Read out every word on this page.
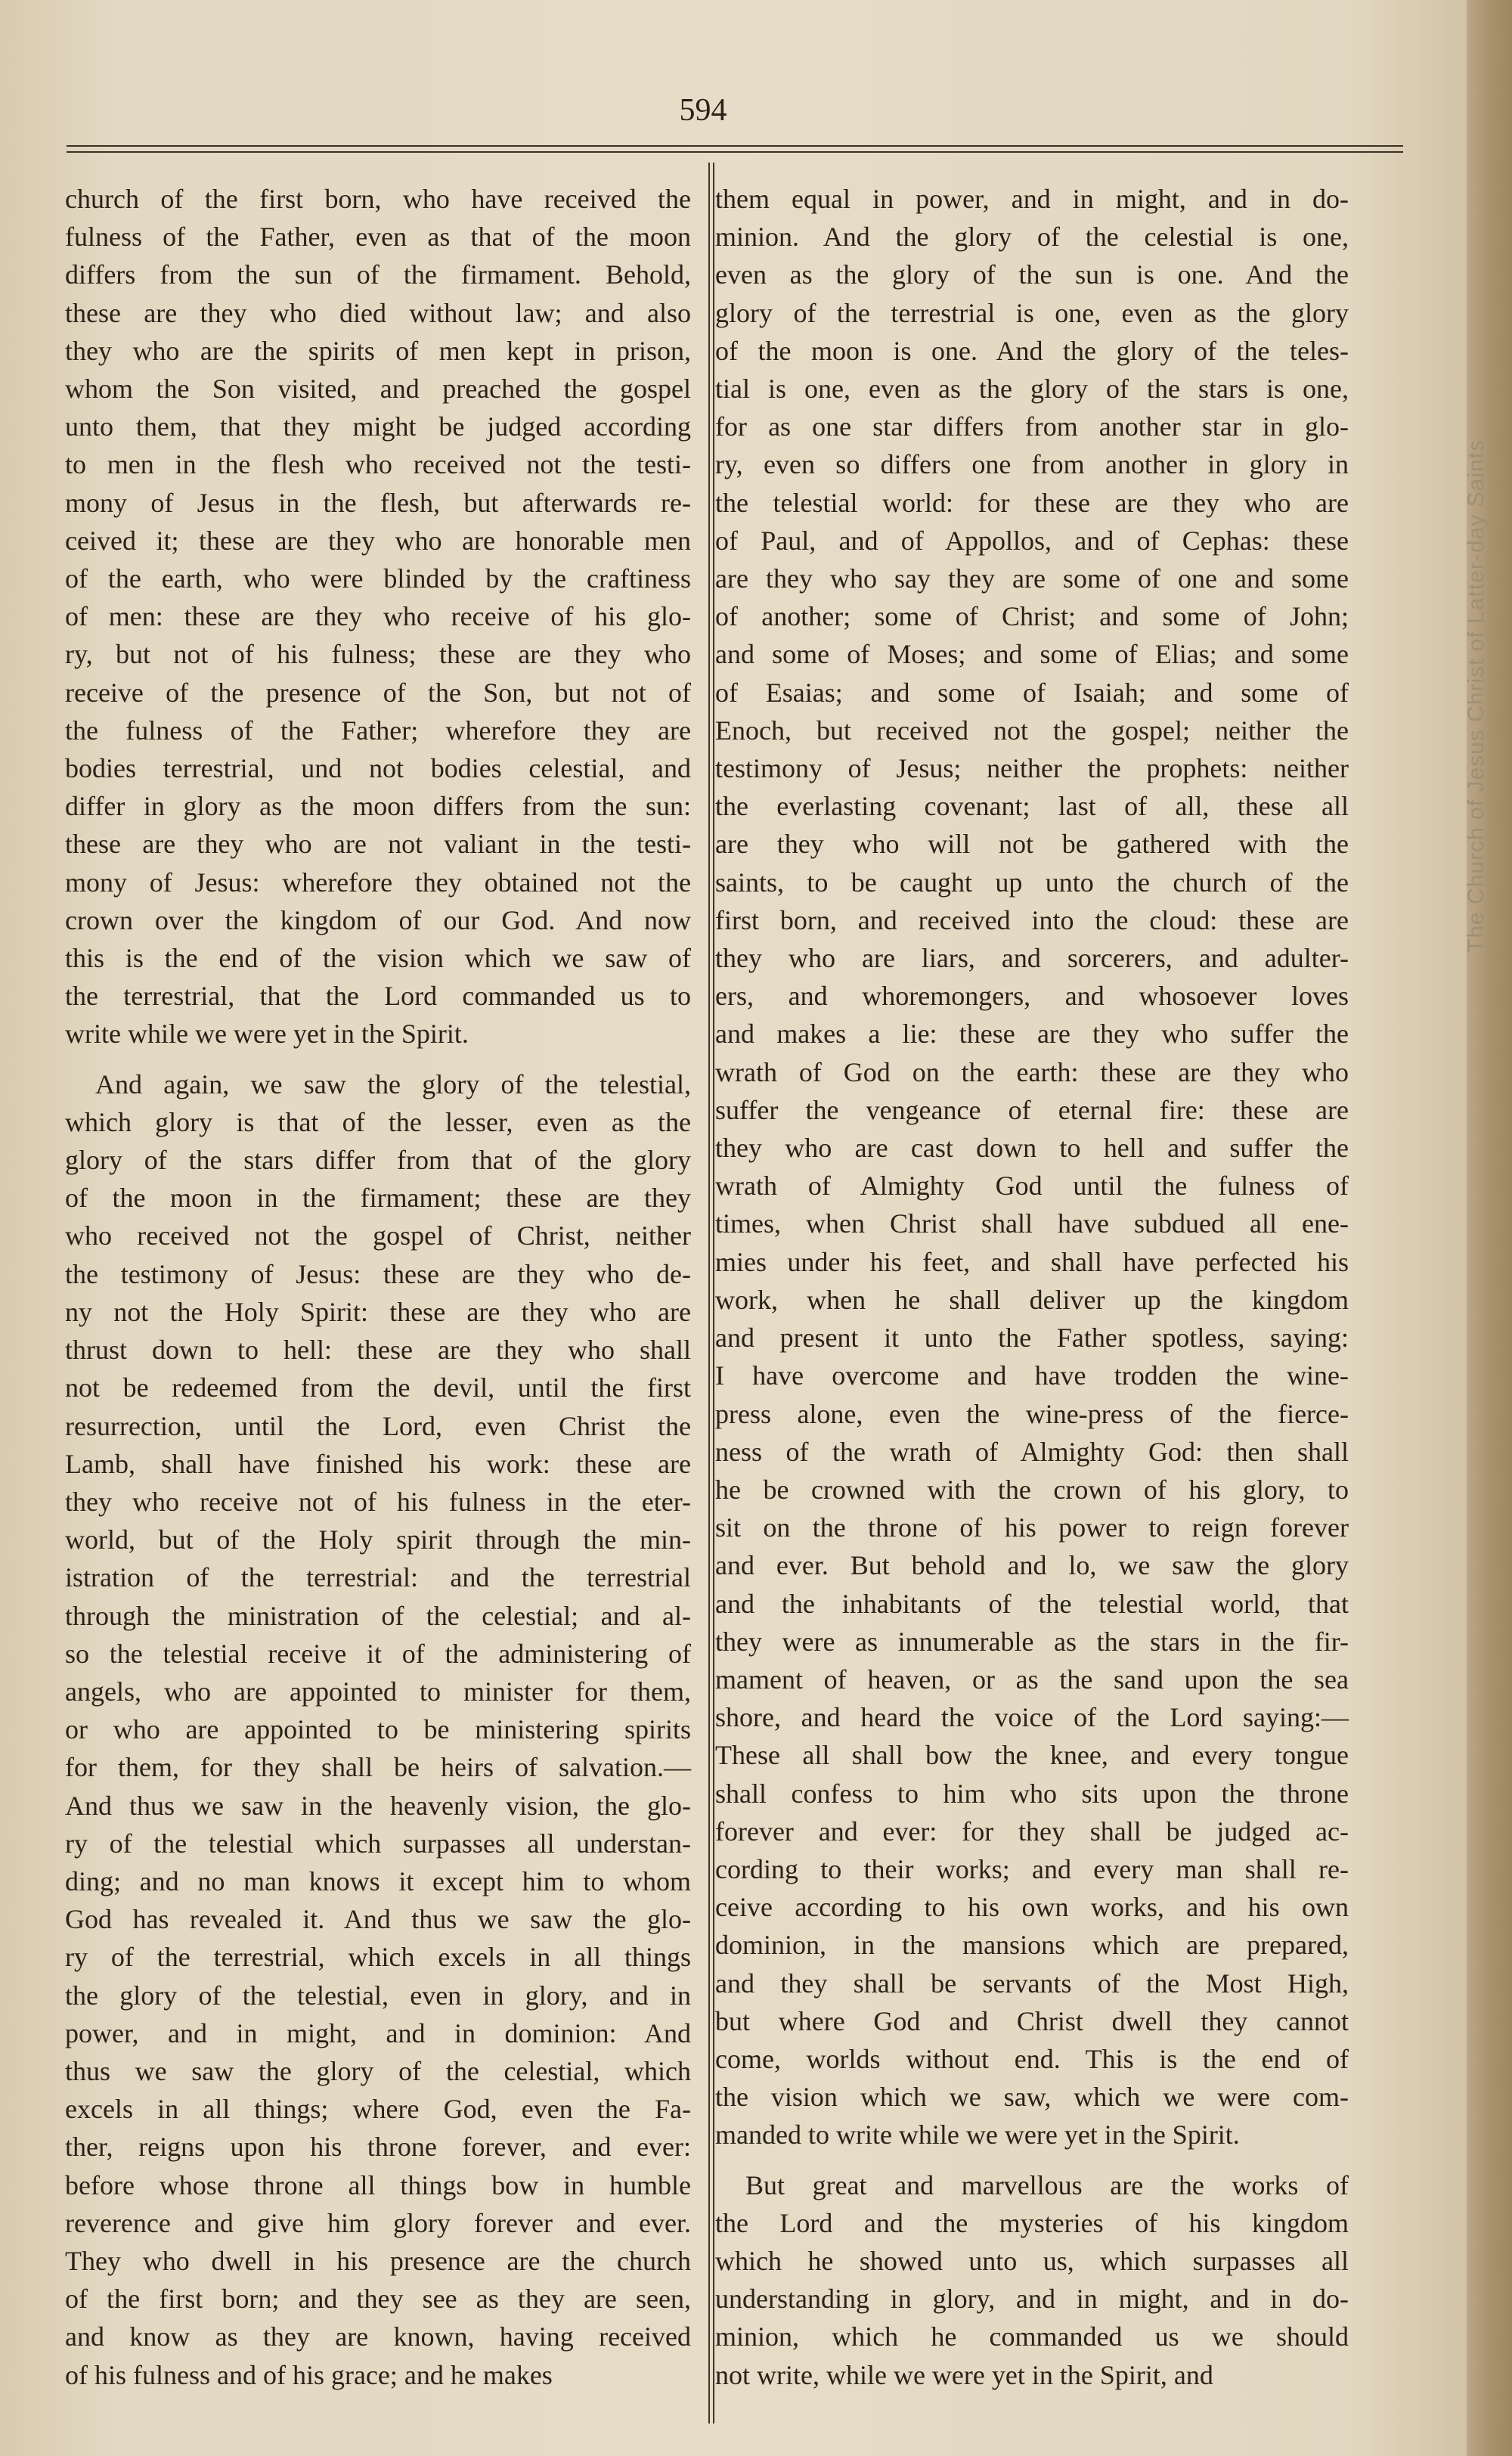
The Church
594

church of the first born, who have received the
fulness of the Father, even as that of the moon
differs from the sun of the firmament. Behold,
these are they who died without law; and also
they who are the spirits of men kept in prison,
whom the Son visited, and preached the gospel
unto them, that they might be judged according
to men in the flesh who received not the testi-
mony of Jesus in the flesh, but afterwards re-
ceived it; these are they who are honorable men
of the earth, who were blinded by the craftiness
of men: these are they who receive of his glo-
ry, but not of his fulness; these are they who
receive of the presence of the Son, but not of
the fulness of the Father; wherefore they are
bodies terrestrial, und not bodies celestial, and
differ in glory as the moon differs from the sun:
these are they who are not valiant in the testi-
mony of Jesus: wherefore they obtained not the
crown over the kingdom of our God. And now
this is the end of the vision which we saw of
the terrestrial, that the Lord commanded us to
write while we were yet in the Spirit.

And again, we saw the glory of the telestial,
which glory is that of the lesser, even as the
glory of the stars differ from that of the glory
of the moon in the firmament; these are they
who received not the gospel of Christ, neither
the testimony of Jesus: these are they who de-
ny not the Holy Spirit: these are they who are
thrust down to hell: these are they who shall
not be redeemed from the devil, until the first
resurrection, until the Lord, even Christ the
Lamb, shall have finished his work: these are
they who receive not of his fulness in the eter-
world, but of the Holy spirit through the min-
istration of the terrestrial: and the terrestrial
through the ministration of the celestial; and al-
so the telestial receive it of the administering of
angels, who are appointed to minister for them,
or who are appointed to be ministering spirits
for them, for they shall be heirs of salvation.—
And thus we saw in the heavenly vision, the glo-
ry of the telestial which surpasses all understan-
ding; and no man knows it except him to whom
God has revealed it. And thus we saw the glo-
ry of the terrestrial, which excels in all things
the glory of the telestial, even in glory, and in
power, and in might, and in dominion: And
thus we saw the glory of the celestial, which
excels in all things; where God, even the Fa-
ther, reigns upon his throne forever, and ever:
before whose throne all things bow in humble
reverence and give him glory forever and ever.
They who dwell in his presence are the church
of the first born; and they see as they are seen,
and know as they are known, having received
of his fulness and of his grace; and he makes

them equal in power, and in might, and in do-
minion. And the glory of the celestial is one,
even as the glory of the sun is one. And the
glory of the terrestrial is one, even as the glory
of the moon is one. And the glory of the teles-
tial is one, even as the glory of the stars is one,
for as one star differs from another star in glo-
ry, even so differs one from another in glory in
the telestial world: for these are they who are
of Paul, and of Appollos, and of Cephas: these
are they who say they are some of one and some
of another; some of Christ; and some of John;
and some of Moses; and some of Elias; and some
of Esaias; and some of Isaiah; and some of
Enoch, but received not the gospel; neither the
testimony of Jesus; neither the prophets: neither
the everlasting covenant; last of all, these all
are they who will not be gathered with the
saints, to be caught up unto the church of the
first born, and received into the cloud: these are
they who are liars, and sorcerers, and adulter-
ers, and whoremongers, and whosoever loves
and makes a lie: these are they who suffer the
wrath of God on the earth: these are they who
suffer the vengeance of eternal fire: these are
they who are cast down to hell and suffer the
wrath of Almighty God until the fulness of
times, when Christ shall have subdued all ene-
mies under his feet, and shall have perfected his
work, when he shall deliver up the kingdom
and present it unto the Father spotless, saying:
I have overcome and have trodden the wine-
press alone, even the wine-press of the fierce-
ness of the wrath of Almighty God: then shall
he be crowned with the crown of his glory, to
sit on the throne of his power to reign forever
and ever. But behold and lo, we saw the glory
and the inhabitants of the telestial world, that
they were as innumerable as the stars in the fir-
mament of heaven, or as the sand upon the sea
shore, and heard the voice of the Lord saying:—
These all shall bow the knee, and every tongue
shall confess to him who sits upon the throne
forever and ever: for they shall be judged ac-
cording to their works; and every man shall re-
ceive according to his own works, and his own
dominion, in the mansions which are prepared,
and they shall be servants of the Most High,
but where God and Christ dwell they cannot
come, worlds without end. This is the end of
the vision which we saw, which we were com-
manded to write while we were yet in the Spirit.

But great and marvellous are the works of
the Lord and the mysteries of his kingdom
which he showed unto us, which surpasses all
understanding in glory, and in might, and in do-
minion, which he commanded us we should
not write, while we were yet in the Spirit, and
